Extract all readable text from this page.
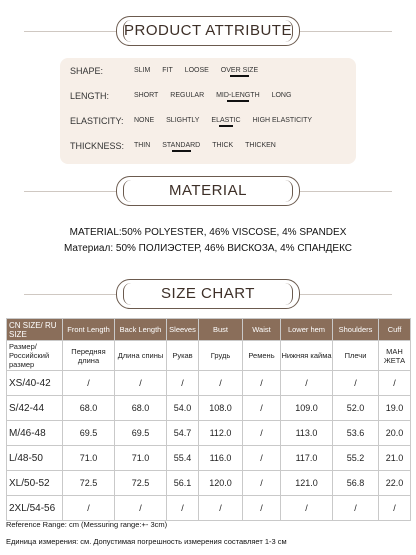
PRODUCT ATTRIBUTE
SHAPE:	SLIM FIT LOOSE OVER SIZE
LENGTH:	SHORT REGULAR MID-LENGTH LONG
ELASTICITY: NONE SLIGHTLY ELASTIC HIGH ELASTICITY
THICKNESS: THIN STANDARD THICK THICKEN
MATERIAL
MATERIAL:50% POLYESTER, 46% VISCOSE, 4% SPANDEX
Материал: 50% ПОЛИЭСТЕР, 46% ВИСКОЗА, 4% СПАНДЕКС
SIZE CHART
CN SIZE/ RU SIZE	Front Length	Back Length	Sleeves	Bust	Waist	Lower hem	Shoulders	Cuff
Размер/ Российский размер	Передняя длина	Длина спины	Рукав	Грудь	Ремень	Нижняя кайма	Плечи	МАН ЖЕТА
XS/40-42	/	/	/	/	/	/	/	/
S/42-44	68.0	68.0	54.0	108.0	/	109.0	52.0	19.0
M/46-48	69.5	69.5	54.7	112.0	/	113.0	53.6	20.0
L/48-50	71.0	71.0	55.4	116.0	/	117.0	55.2	21.0
XL/50-52	72.5	72.5	56.1	120.0	/	121.0	56.8	22.0
2XL/54-56	/	/	/	/	/	/	/	/
Reference Range: cm (Messuring range:+- 3cm)
Единица измерения: см. Допустимая погрешность измерения составляет 1-3 см
